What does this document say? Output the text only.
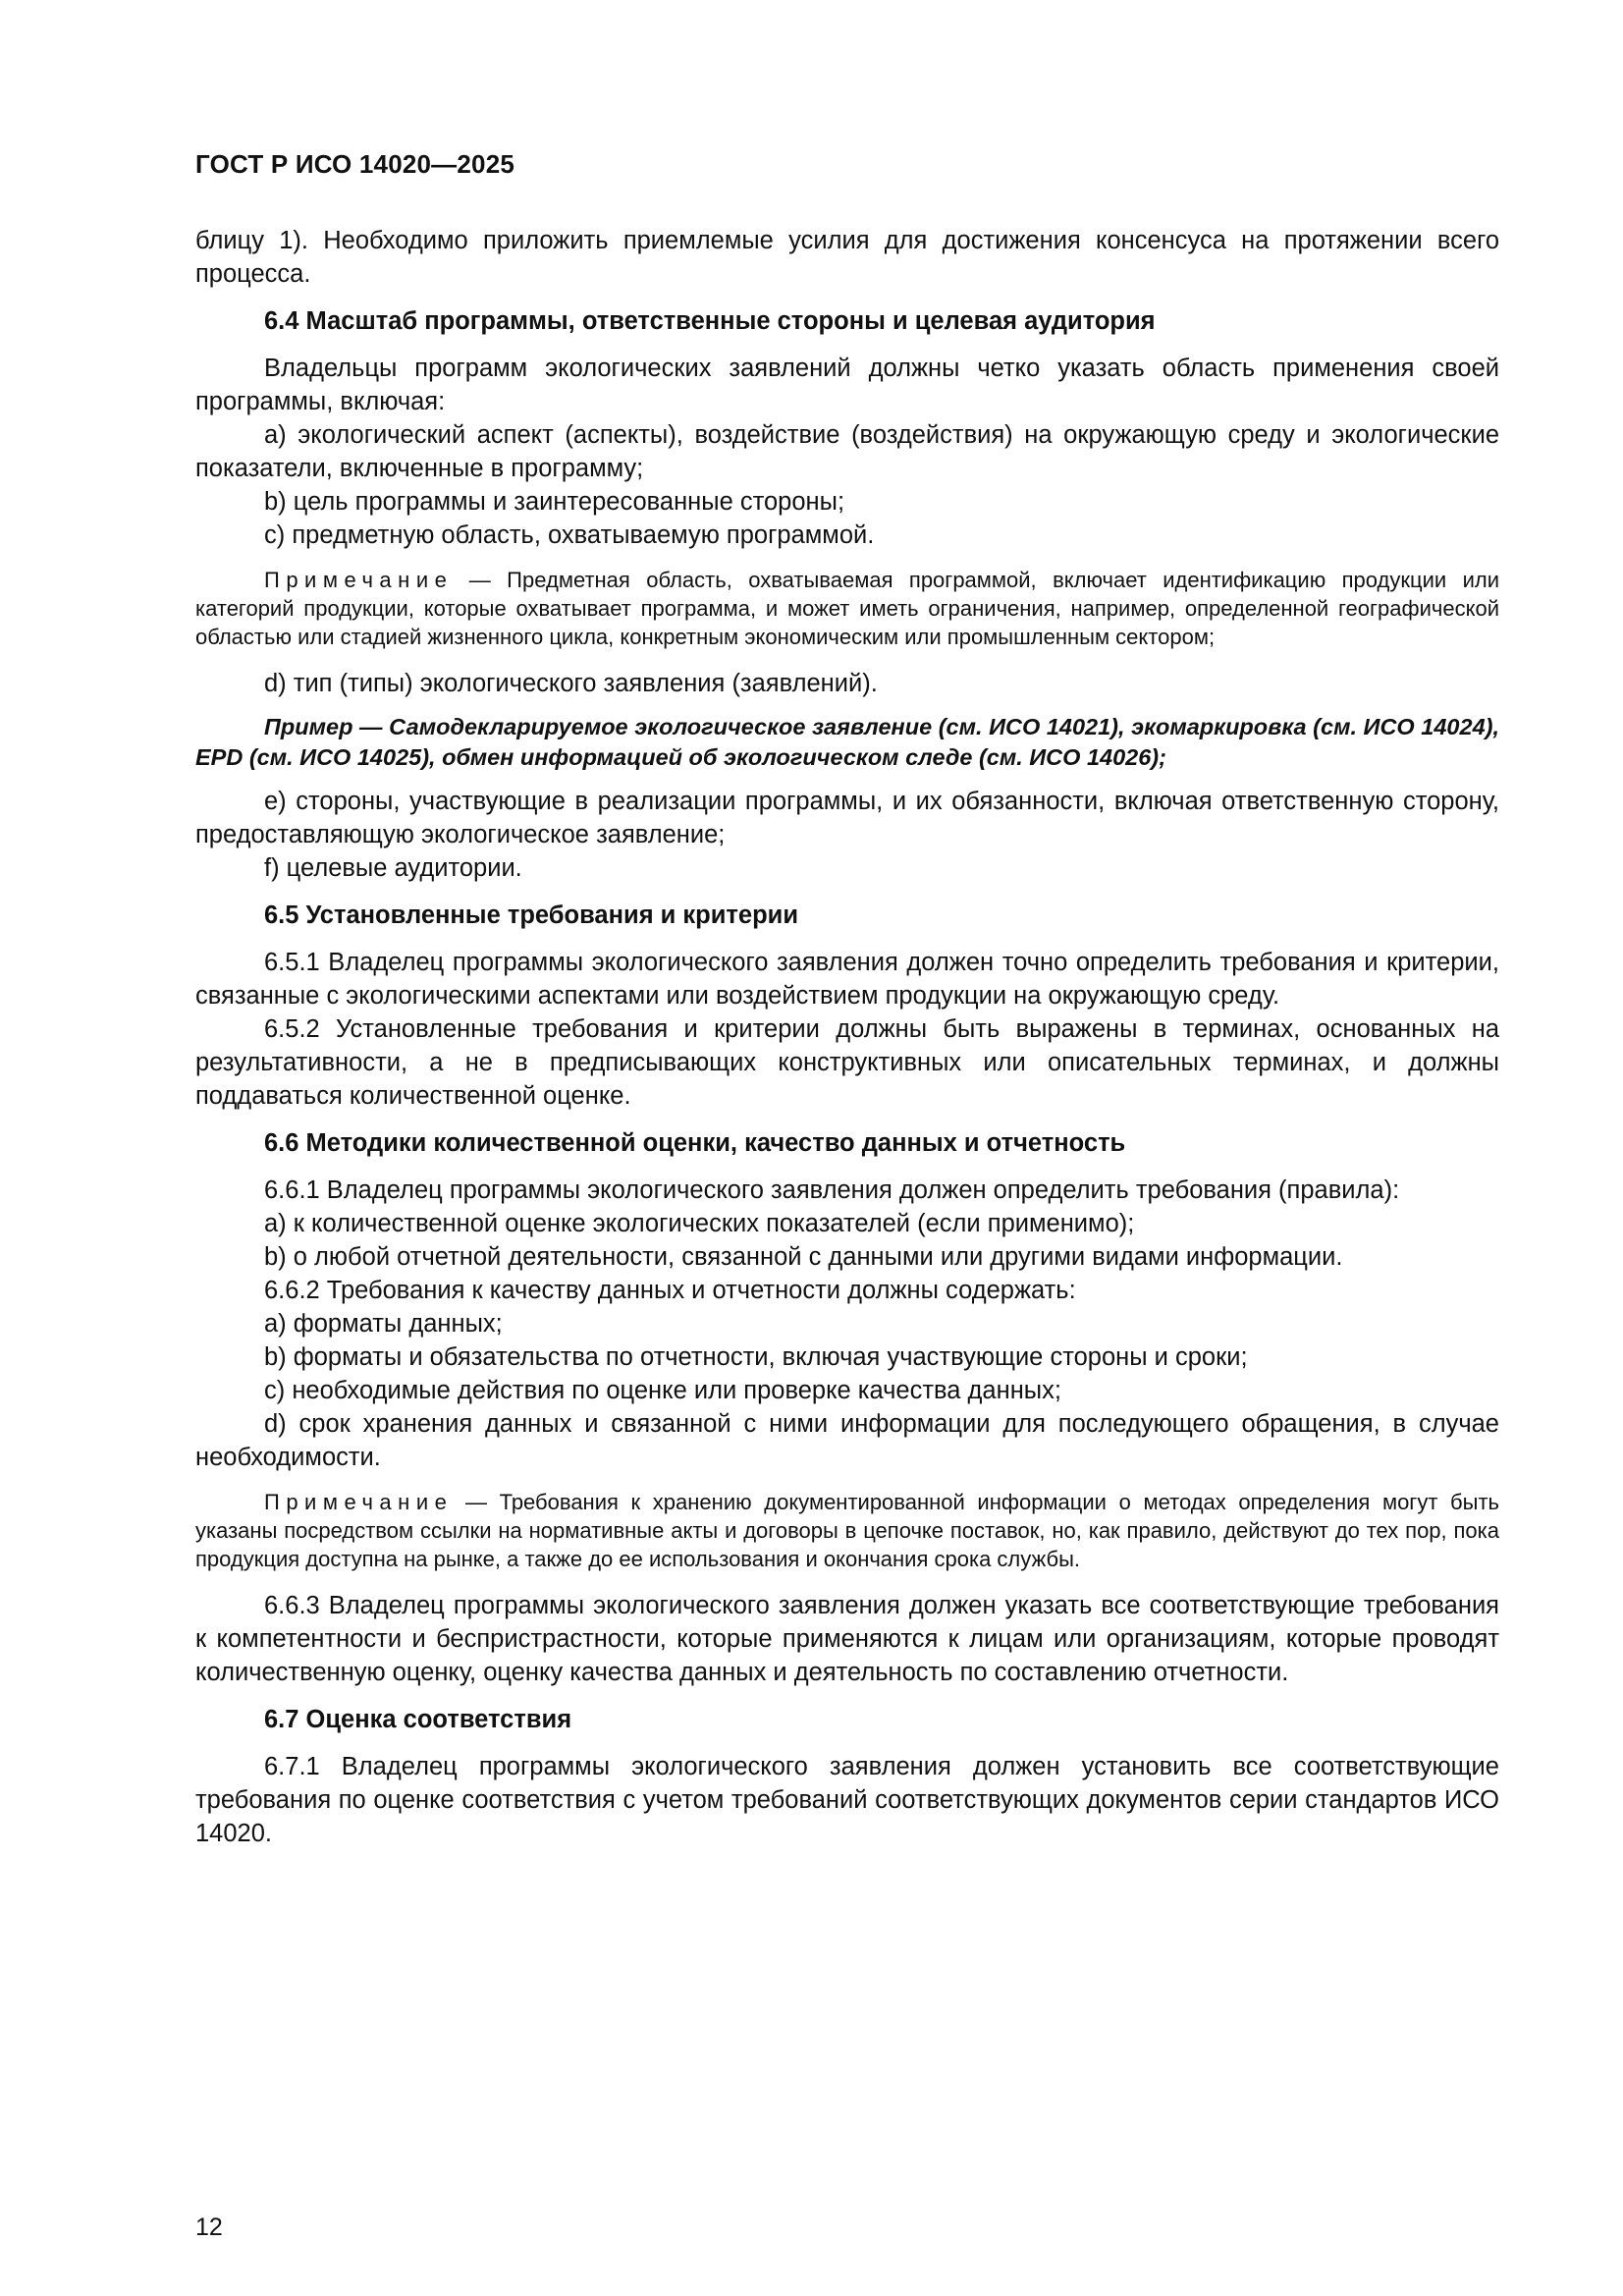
ГОСТ Р ИСО 14020—2025

блицу 1). Необходимо приложить приемлемые усилия для достижения консенсуса на протяжении всего процесса.

6.4 Масштаб программы, ответственные стороны и целевая аудитория

Владельцы программ экологических заявлений должны четко указать область применения своей программы, включая:

a) экологический аспект (аспекты), воздействие (воздействия) на окружающую среду и экологические показатели, включенные в программу;

b) цель программы и заинтересованные стороны;

c) предметную область, охватываемую программой.

Примечание — Предметная область, охватываемая программой, включает идентификацию продукции или категорий продукции, которые охватывает программа, и может иметь ограничения, например, определенной географической областью или стадией жизненного цикла, конкретным экономическим или промышленным сектором;

d) тип (типы) экологического заявления (заявлений).

Пример — Самодекларируемое экологическое заявление (см. ИСО 14021), экомаркировка (см. ИСО 14024), EPD (см. ИСО 14025), обмен информацией об экологическом следе (см. ИСО 14026);

e) стороны, участвующие в реализации программы, и их обязанности, включая ответственную сторону, предоставляющую экологическое заявление;

f) целевые аудитории.

6.5 Установленные требования и критерии

6.5.1 Владелец программы экологического заявления должен точно определить требования и критерии, связанные с экологическими аспектами или воздействием продукции на окружающую среду.

6.5.2 Установленные требования и критерии должны быть выражены в терминах, основанных на результативности, а не в предписывающих конструктивных или описательных терминах, и должны поддаваться количественной оценке.

6.6 Методики количественной оценки, качество данных и отчетность

6.6.1 Владелец программы экологического заявления должен определить требования (правила):

a) к количественной оценке экологических показателей (если применимо);

b) о любой отчетной деятельности, связанной с данными или другими видами информации.

6.6.2 Требования к качеству данных и отчетности должны содержать:

a) форматы данных;

b) форматы и обязательства по отчетности, включая участвующие стороны и сроки;

c) необходимые действия по оценке или проверке качества данных;

d) срок хранения данных и связанной с ними информации для последующего обращения, в случае необходимости.

Примечание — Требования к хранению документированной информации о методах определения могут быть указаны посредством ссылки на нормативные акты и договоры в цепочке поставок, но, как правило, действуют до тех пор, пока продукция доступна на рынке, а также до ее использования и окончания срока службы.

6.6.3 Владелец программы экологического заявления должен указать все соответствующие требования к компетентности и беспристрастности, которые применяются к лицам или организациям, которые проводят количественную оценку, оценку качества данных и деятельность по составлению отчетности.

6.7 Оценка соответствия

6.7.1 Владелец программы экологического заявления должен установить все соответствующие требования по оценке соответствия с учетом требований соответствующих документов серии стандартов ИСО 14020.

12
